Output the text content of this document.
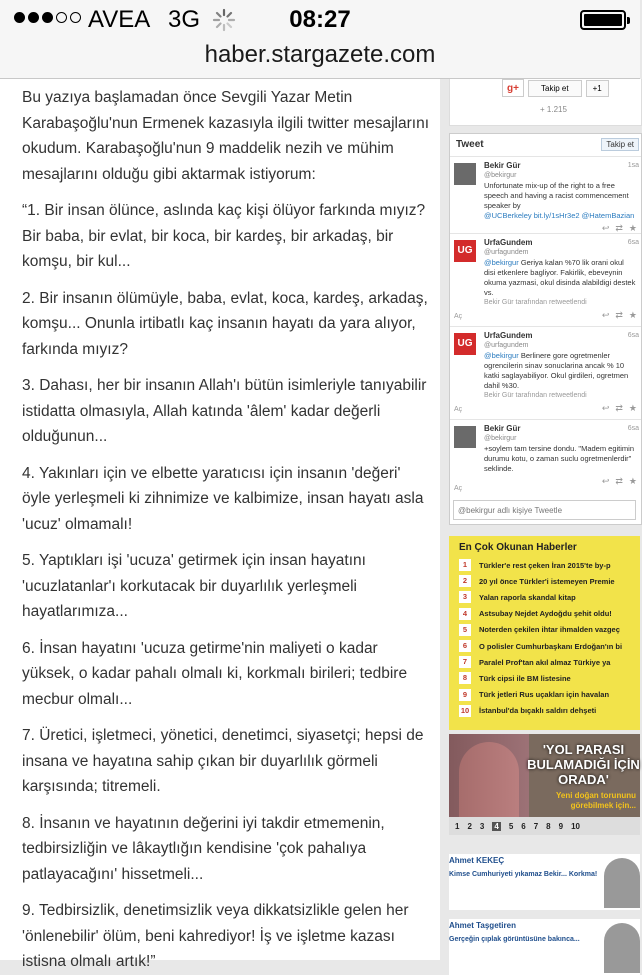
AVEA 3G	08:27
haber.stargazete.com

Bu yazıya başlamadan önce Sevgili Yazar Metin Karabaşoğlu'nun Ermenek kazasıyla ilgili twitter mesajlarını okudum. Karabaşoğlu'nun 9 maddelik nezih ve mühim mesajlarını olduğu gibi aktarmak istiyorum:

“1. Bir insan ölünce, aslında kaç kişi ölüyor farkında mıyız? Bir baba, bir evlat, bir koca, bir kardeş, bir arkadaş, bir komşu, bir kul...

2. Bir insanın ölümüyle, baba, evlat, koca, kardeş, arkadaş, komşu... Onunla irtibatlı kaç insanın hayatı da yara alıyor, farkında mıyız?

3. Dahası, her bir insanın Allah'ı bütün isimleriyle tanıyabilir istidatta olmasıyla, Allah katında 'âlem' kadar değerli olduğunun...

4. Yakınları için ve elbette yaratıcısı için insanın 'değeri' öyle yerleşmeli ki zihnimize ve kalbimize, insan hayatı asla 'ucuz' olmamalı!

5. Yaptıkları işi 'ucuza' getirmek için insan hayatını 'ucuzlatanlar'ı korkutacak bir duyarlılık yerleşmeli hayatlarımıza...

6. İnsan hayatını 'ucuza getirme'nin maliyeti o kadar yüksek, o kadar pahalı olmalı ki, korkmalı birileri; tedbire mecbur olmalı...

7. Üretici, işletmeci, yönetici, denetimci, siyasetçi; hepsi de insana ve hayatına sahip çıkan bir duyarlılık görmeli karşısında; titremeli.

8. İnsanın ve hayatının değerini iyi takdir etmemenin, tedbirsizliğin ve lâkaytlığın kendisine 'çok pahalıya patlayacağını' hissetmeli...

9. Tedbirsizlik, denetimsizlik veya dikkatsizlikle gelen her 'önlenebilir' ölüm, beni kahrediyor! İş ve işletme kazası istisna olmalı artık!”

g+	Takip et	+1
+ 1.215
Tweet	Takip et
1sa
Bekir Gür
@bekirgur
Unfortunate mix-up of the right to a free speech and having a racist commencement speaker by
@UCBerkeley bit.ly/1sHr3e2 @HatemBazian
↩ ⇄ ★
UG
6sa
UrfaGundem
@urfagundem
@bekirgur Geriya kalan %70 lik orani okul disi etkenlere bagliyor. Fakirlik, ebeveynin okuma yazmasi, okul disinda alabildigi destek vs.
Bekir Gür tarafından retweetlendi
Aç	↩ ⇄ ★
UG
6sa
UrfaGundem
@urfagundem
@bekirgur Berlinere gore ogretmenler ogrencilerin sinav sonuclarina ancak % 10 katki saglayabiliyor. Okul girdileri, ogretmen dahil %30.
Bekir Gür tarafından retweetlendi
Aç	↩ ⇄ ★
6sa
Bekir Gür
@bekirgur
+soylem tam tersine dondu. "Madem egitimin durumu kotu, o zaman suclu ogretmenlerdir" seklinde.
Aç
↩ ⇄ ★
@bekirgur adlı kişiye Tweetle
En Çok Okunan Haberler
1	Türkler'e rest çeken İran 2015'te by-p
2	20 yıl önce Türkler'i istemeyen Premie
3	Yalan raporla skandal kitap
4	Astsubay Nejdet Aydoğdu şehit oldu!
5	Noterden çekilen ihtar ihmalden vazgeç
6	O polisler Cumhurbaşkanı Erdoğan'ın bi
7	Paralel Prof'tan akıl almaz Türkiye ya
8	Türk cipsi ile BM listesine
9	Türk jetleri Rus uçakları için havalan
10 İstanbul'da bıçaklı saldırı dehşeti
'YOL PARASI BULAMADIĞI İÇİN ORADA'
Yeni doğan torununu görebilmek için...
1 2 3 4 5 6 7 8 9 10
Ahmet KEKEÇ
Kimse Cumhuriyeti yıkamaz Bekir... Korkma!
Ahmet Taşgetiren
Gerçeğin çıplak görüntüsüne bakınca...
